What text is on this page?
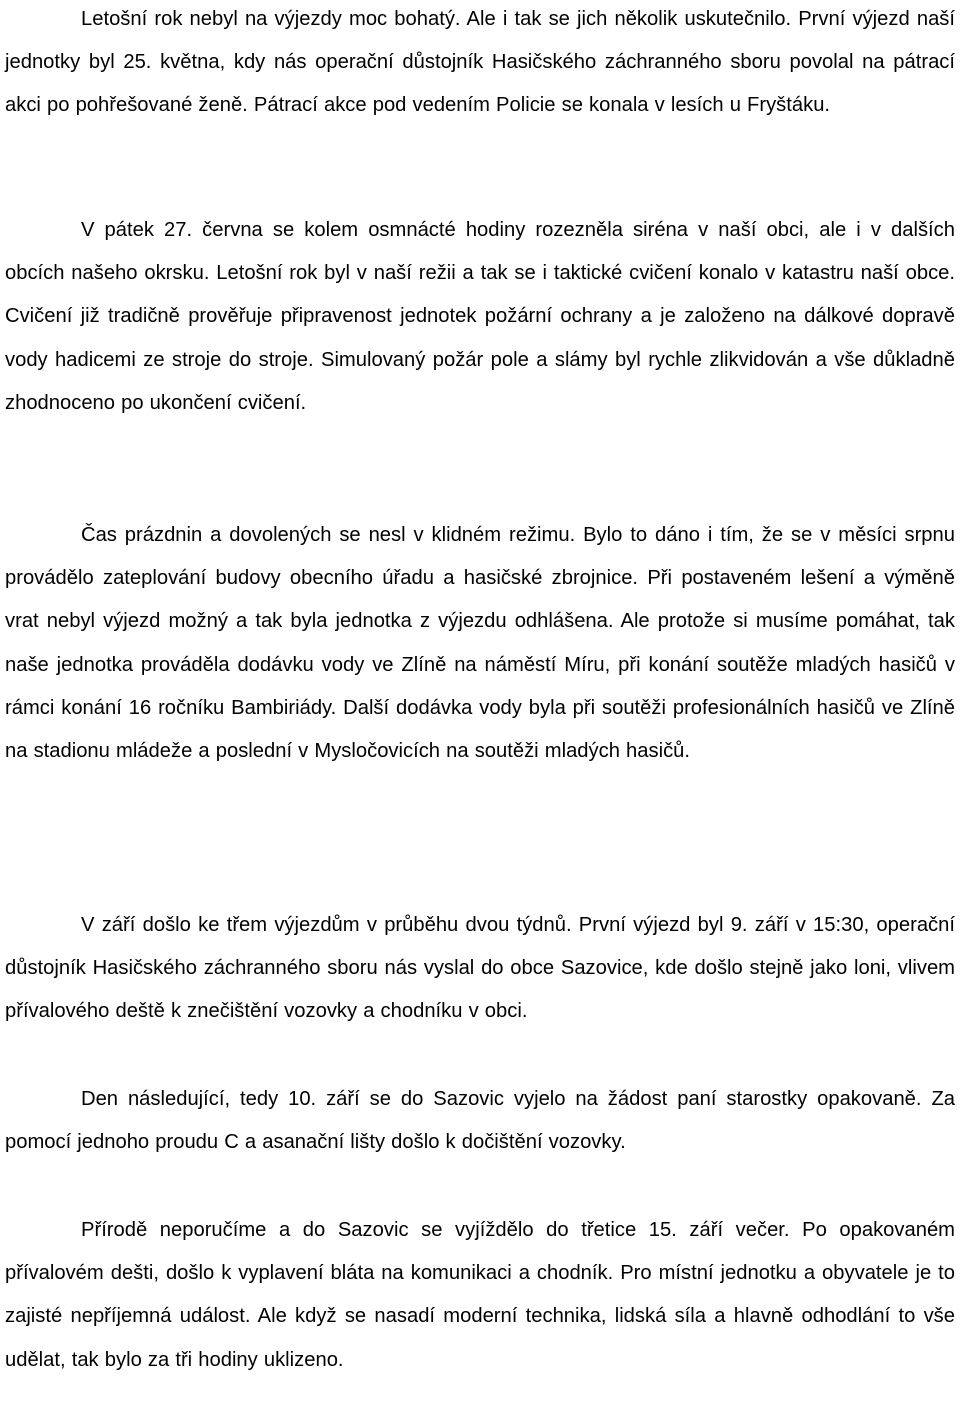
Letošní rok nebyl na výjezdy moc bohatý. Ale i tak se jich několik uskutečnilo. První výjezd naší jednotky byl 25. května, kdy nás operační důstojník Hasičského záchranného sboru povolal na pátrací akci po pohřešované ženě. Pátrací akce pod vedením Policie se konala v lesích u Fryštáku.

V pátek 27. června se kolem osmnácté hodiny rozezněla siréna v naší obci, ale i v dalších obcích našeho okrsku. Letošní rok byl v naší režii a tak se i taktické cvičení konalo v katastru naší obce. Cvičení již tradičně prověřuje připravenost jednotek požární ochrany a je založeno na dálkové dopravě vody hadicemi ze stroje do stroje. Simulovaný požár pole a slámy byl rychle zlikvidován a vše důkladně zhodnoceno po ukončení cvičení.

Čas prázdnin a dovolených se nesl v klidném režimu. Bylo to dáno i tím, že se v měsíci srpnu provádělo zateplování budovy obecního úřadu a hasičské zbrojnice. Při postaveném lešení a výměně vrat nebyl výjezd možný a tak byla jednotka z výjezdu odhlášena. Ale protože si musíme pomáhat, tak naše jednotka prováděla dodávku vody ve Zlíně na náměstí Míru, při konání soutěže mladých hasičů v rámci konání 16 ročníku Bambiriády. Další dodávka vody byla při soutěži profesionálních hasičů ve Zlíně na stadionu mládeže a poslední v Mysločovicích na soutěži mladých hasičů.

V září došlo ke třem výjezdům v průběhu dvou týdnů. První výjezd byl 9. září v 15:30, operační důstojník Hasičského záchranného sboru nás vyslal do obce Sazovice, kde došlo stejně jako loni, vlivem přívalového deště k znečištění vozovky a chodníku v obci.

Den následující, tedy 10. září se do Sazovic vyjelo na žádost paní starostky opakovaně. Za pomocí jednoho proudu C a asanační lišty došlo k dočištění vozovky.

Přírodě neporučíme a do Sazovic se vyjíždělo do třetice 15. září večer. Po opakovaném přívalovém dešti, došlo k vyplavení bláta na komunikaci a chodník. Pro místní jednotku a obyvatele je to zajisté nepříjemná událost. Ale když se nasadí moderní technika, lidská síla a hlavně odhodlání to vše udělat, tak bylo za tři hodiny uklizeno.
